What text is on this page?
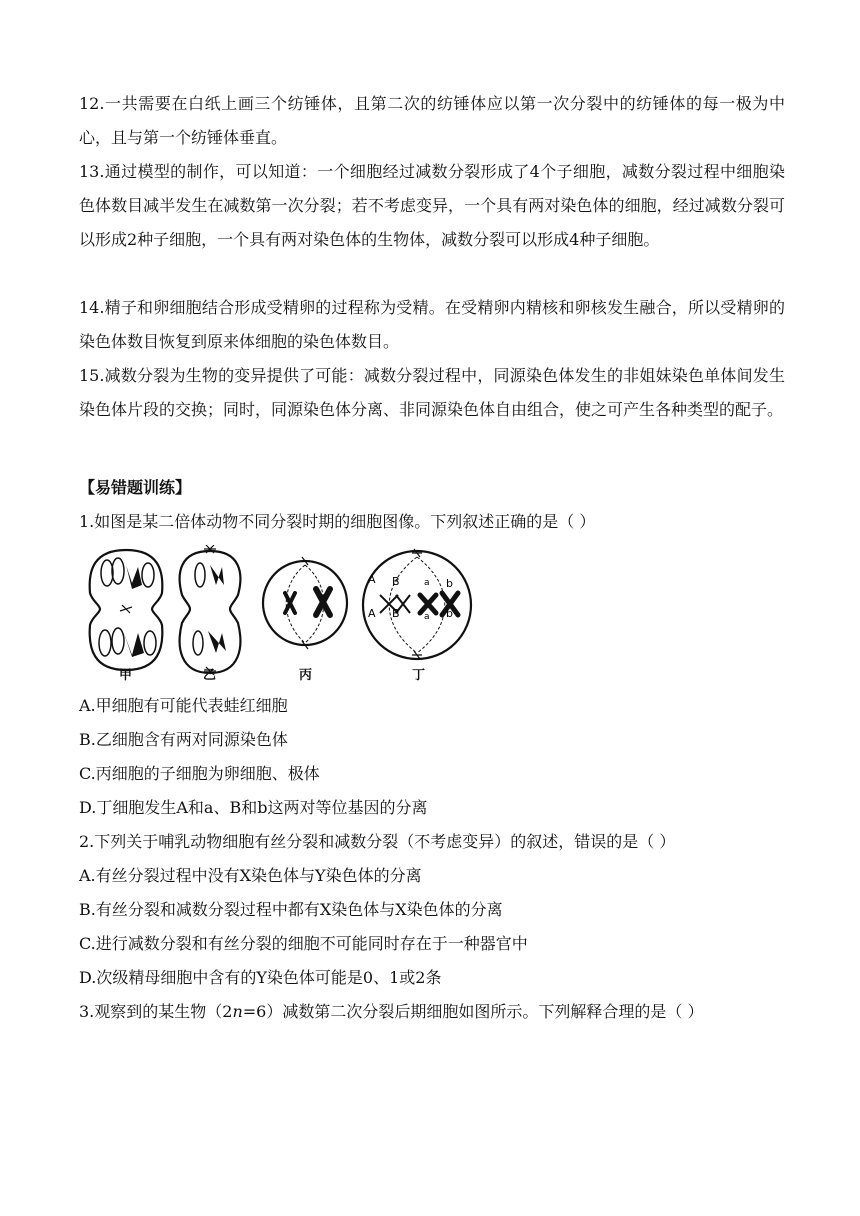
12.一共需要在白纸上画三个纺锤体，且第二次的纺锤体应以第一次分裂中的纺锤体的每一极为中心，且与第一个纺锤体垂直。
13.通过模型的制作，可以知道：一个细胞经过减数分裂形成了4个子细胞，减数分裂过程中细胞染色体数目减半发生在减数第一次分裂；若不考虑变异，一个具有两对染色体的细胞，经过减数分裂可以形成2种子细胞，一个具有两对染色体的生物体，减数分裂可以形成4种子细胞。
14.精子和卵细胞结合形成受精卵的过程称为受精。在受精卵内精核和卵核发生融合，所以受精卵的染色体数目恢复到原来体细胞的染色体数目。
15.减数分裂为生物的变异提供了可能：减数分裂过程中，同源染色体发生的非姐妹染色单体间发生染色体片段的交换；同时，同源染色体分离、非同源染色体自由组合，使之可产生各种类型的配子。
【易错题训练】
1.如图是某二倍体动物不同分裂时期的细胞图像。下列叙述正确的是（ ）
A B
A B
a b
a b
甲	乙	丙	丁
A.甲细胞有可能代表蛙红细胞
B.乙细胞含有两对同源染色体
C.丙细胞的子细胞为卵细胞、极体
D.丁细胞发生A和a、B和b这两对等位基因的分离
2.下列关于哺乳动物细胞有丝分裂和减数分裂（不考虑变异）的叙述，错误的是（ ）
A.有丝分裂过程中没有X染色体与Y染色体的分离
B.有丝分裂和减数分裂过程中都有X染色体与X染色体的分离
C.进行减数分裂和有丝分裂的细胞不可能同时存在于一种器官中
D.次级精母细胞中含有的Y染色体可能是0、1或2条
3.观察到的某生物（2n=6）减数第二次分裂后期细胞如图所示。下列解释合理的是（ ）
